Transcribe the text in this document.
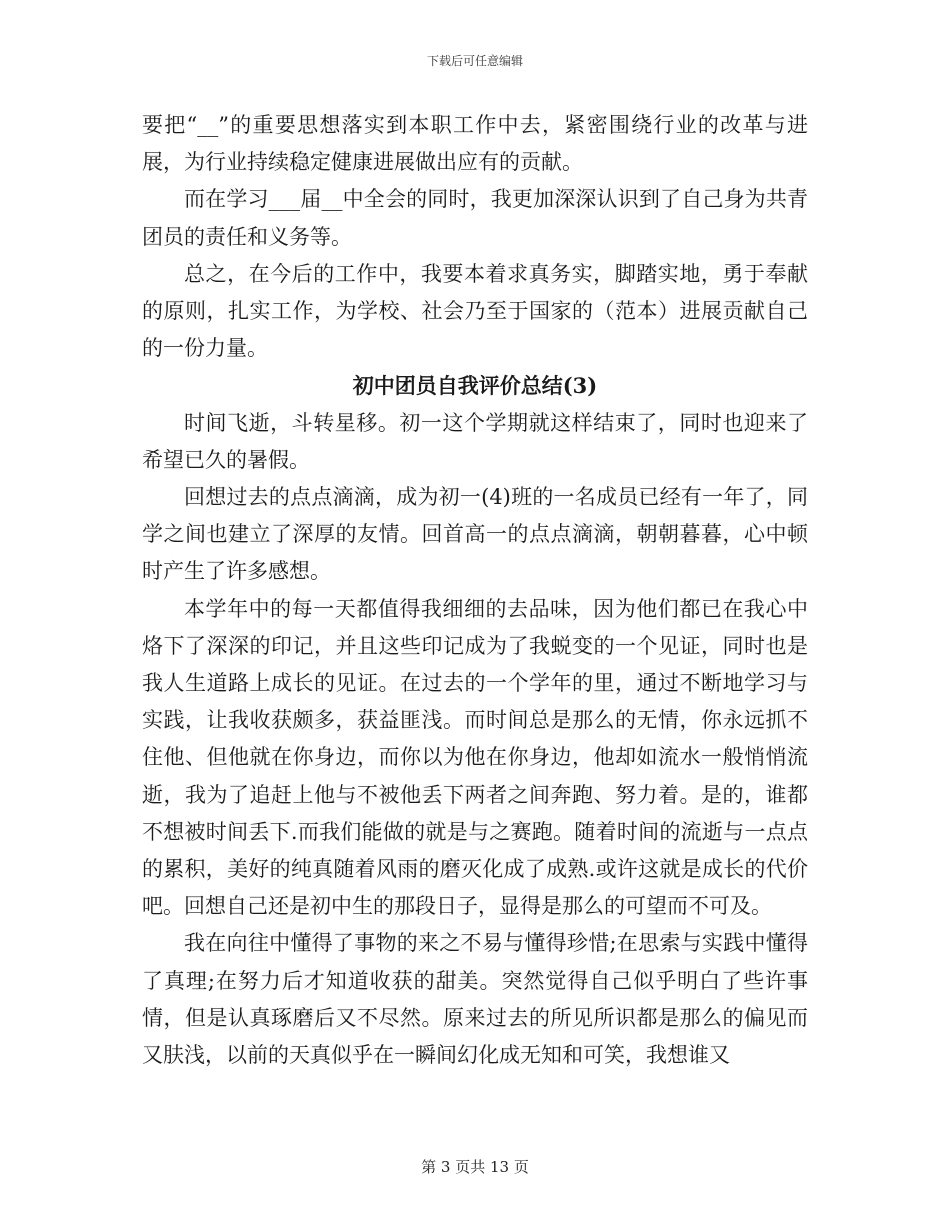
下载后可任意编辑

要把“__”的重要思想落实到本职工作中去，紧密围绕行业的改革与进展，为行业持续稳定健康进展做出应有的贡献。

而在学习___届__中全会的同时，我更加深深认识到了自己身为共青团员的责任和义务等。

总之，在今后的工作中，我要本着求真务实，脚踏实地，勇于奉献的原则，扎实工作，为学校、社会乃至于国家的（范本）进展贡献自己的一份力量。

初中团员自我评价总结(3)

时间飞逝，斗转星移。初一这个学期就这样结束了，同时也迎来了希望已久的暑假。

回想过去的点点滴滴，成为初一(4)班的一名成员已经有一年了，同学之间也建立了深厚的友情。回首高一的点点滴滴，朝朝暮暮，心中顿时产生了许多感想。

本学年中的每一天都值得我细细的去品味，因为他们都已在我心中烙下了深深的印记，并且这些印记成为了我蜕变的一个见证，同时也是我人生道路上成长的见证。在过去的一个学年的里，通过不断地学习与实践，让我收获颇多，获益匪浅。而时间总是那么的无情，你永远抓不住他、但他就在你身边，而你以为他在你身边，他却如流水一般悄悄流逝，我为了追赶上他与不被他丢下两者之间奔跑、努力着。是的，谁都不想被时间丢下.而我们能做的就是与之赛跑。随着时间的流逝与一点点的累积，美好的纯真随着风雨的磨灭化成了成熟.或许这就是成长的代价吧。回想自己还是初中生的那段日子，显得是那么的可望而不可及。

我在向往中懂得了事物的来之不易与懂得珍惜;在思索与实践中懂得了真理;在努力后才知道收获的甜美。突然觉得自己似乎明白了些许事情，但是认真琢磨后又不尽然。原来过去的所见所识都是那么的偏见而又肤浅，以前的天真似乎在一瞬间幻化成无知和可笑，我想谁又

第 3 页共 13 页
